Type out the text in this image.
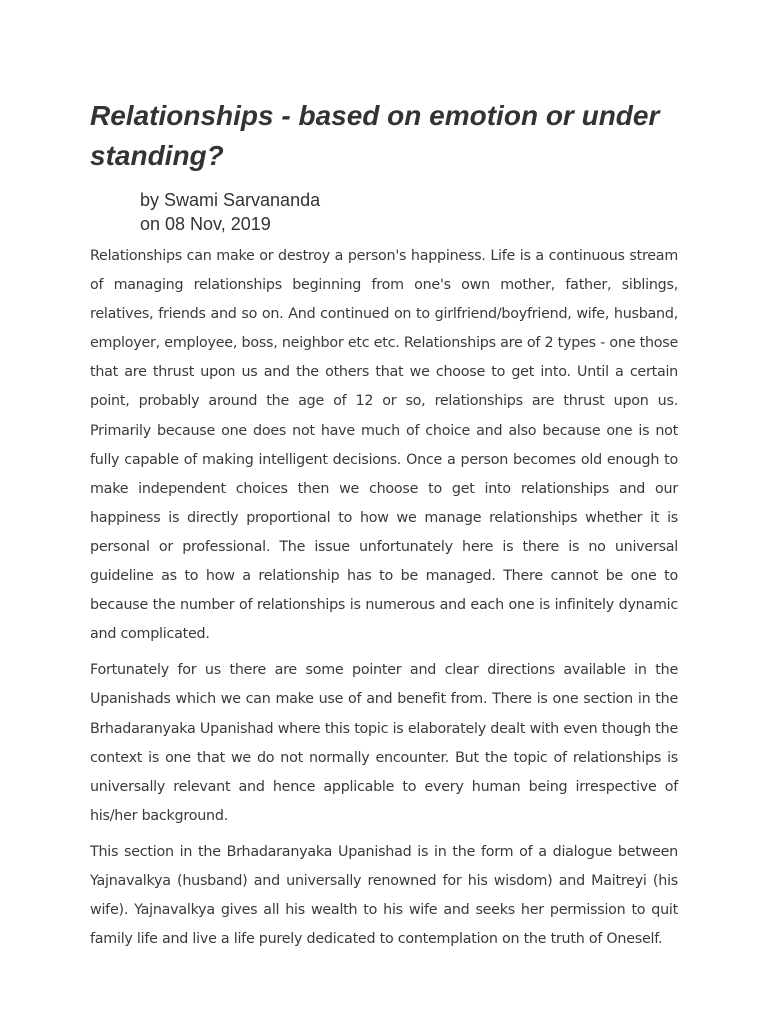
Relationships - based on emotion or under standing?
by Swami Sarvananda
on 08 Nov, 2019

Relationships can make or destroy a person's happiness. Life is a continuous stream of managing relationships beginning from one's own mother, father, siblings, relatives, friends and so on. And continued on to girlfriend/boyfriend, wife, husband, employer, employee, boss, neighbor etc etc. Relationships are of 2 types - one those that are thrust upon us and the others that we choose to get into. Until a certain point, probably around the age of 12 or so, relationships are thrust upon us. Primarily because one does not have much of choice and also because one is not fully capable of making intelligent decisions. Once a person becomes old enough to make independent choices then we choose to get into relationships and our happiness is directly proportional to how we manage relationships whether it is personal or professional. The issue unfortunately here is there is no universal guideline as to how a relationship has to be managed. There cannot be one to because the number of relationships is numerous and each one is infinitely dynamic and complicated.

Fortunately for us there are some pointer and clear directions available in the Upanishads which we can make use of and benefit from. There is one section in the Brhadaranyaka Upanishad where this topic is elaborately dealt with even though the context is one that we do not normally encounter. But the topic of relationships is universally relevant and hence applicable to every human being irrespective of his/her background.

This section in the Brhadaranyaka Upanishad is in the form of a dialogue between Yajnavalkya (husband) and universally renowned for his wisdom) and Maitreyi (his wife). Yajnavalkya gives all his wealth to his wife and seeks her permission to quit family life and live a life purely dedicated to contemplation on the truth of Oneself.
